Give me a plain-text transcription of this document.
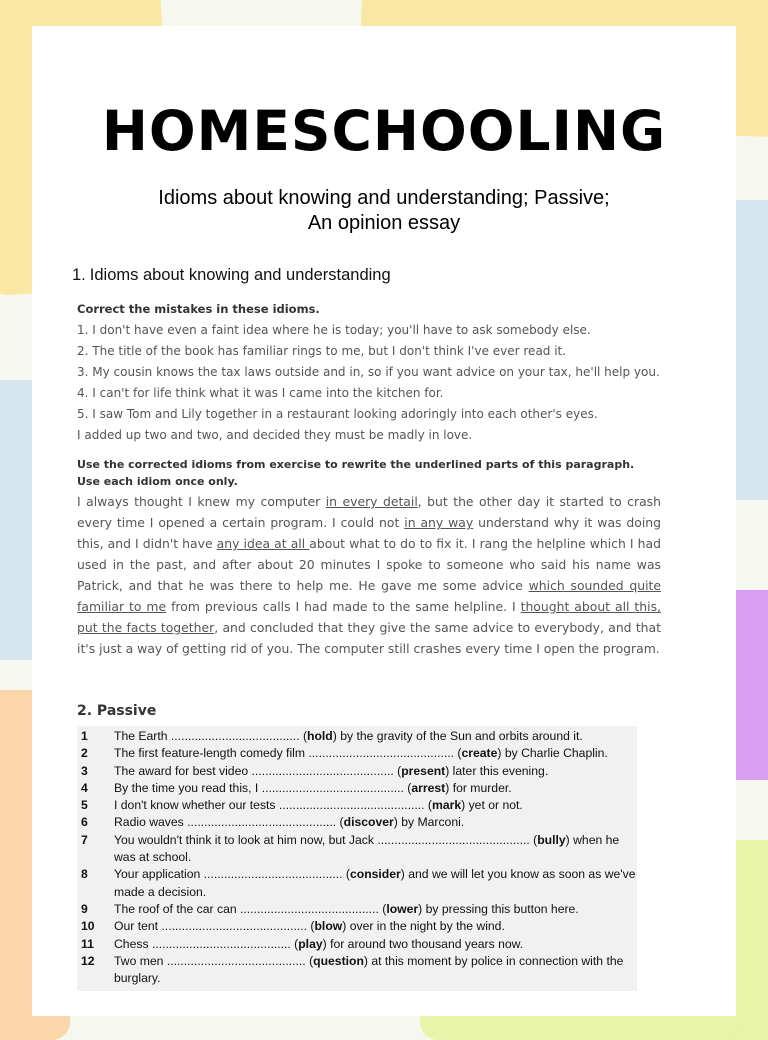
HOMESCHOOLING
Idioms about knowing and understanding; Passive;
An opinion essay
1. Idioms about knowing and understanding
Correct the mistakes in these idioms.
1. I don't have even a faint idea where he is today; you'll have to ask somebody else.
2. The title of the book has familiar rings to me, but I don't think I've ever read it.
3. My cousin knows the tax laws outside and in, so if you want advice on your tax, he'll help you.
4. I can't for life think what it was I came into the kitchen for.
5. I saw Tom and Lily together in a restaurant looking adoringly into each other's eyes.
I added up two and two, and decided they must be madly in love.
Use the corrected idioms from exercise to rewrite the underlined parts of this paragraph.
Use each idiom once only.

I always thought I knew my computer in every detail, but the other day it started to crash every time I opened a certain program. I could not in any way understand why it was doing this, and I didn't have any idea at all about what to do to fix it. I rang the helpline which I had used in the past, and after about 20 minutes I spoke to someone who said his name was Patrick, and that he was there to help me. He gave me some advice which sounded quite familiar to me from previous calls I had made to the same helpline. I thought about all this, put the facts together, and concluded that they give the same advice to everybody, and that it's just a way of getting rid of you. The computer still crashes every time I open the program.

2. Passive
1	The Earth ...................................... (hold) by the gravity of the Sun and orbits around it.
2	The first feature-length comedy film ........................................... (create) by Charlie Chaplin.
3	The award for best video .......................................... (present) later this evening.
4	By the time you read this, I .......................................... (arrest) for murder.
5	I don't know whether our tests ........................................... (mark) yet or not.
6	Radio waves ............................................ (discover) by Marconi.
7	You wouldn't think it to look at him now, but Jack ............................................. (bully) when he was at school.
8	Your application ......................................... (consider) and we will let you know as soon as we've made a decision.
9	The roof of the car can ......................................... (lower) by pressing this button here.
10	Our tent ........................................... (blow) over in the night by the wind.
11	Chess ......................................... (play) for around two thousand years now.
12	Two men ......................................... (question) at this moment by police in connection with the burglary.
